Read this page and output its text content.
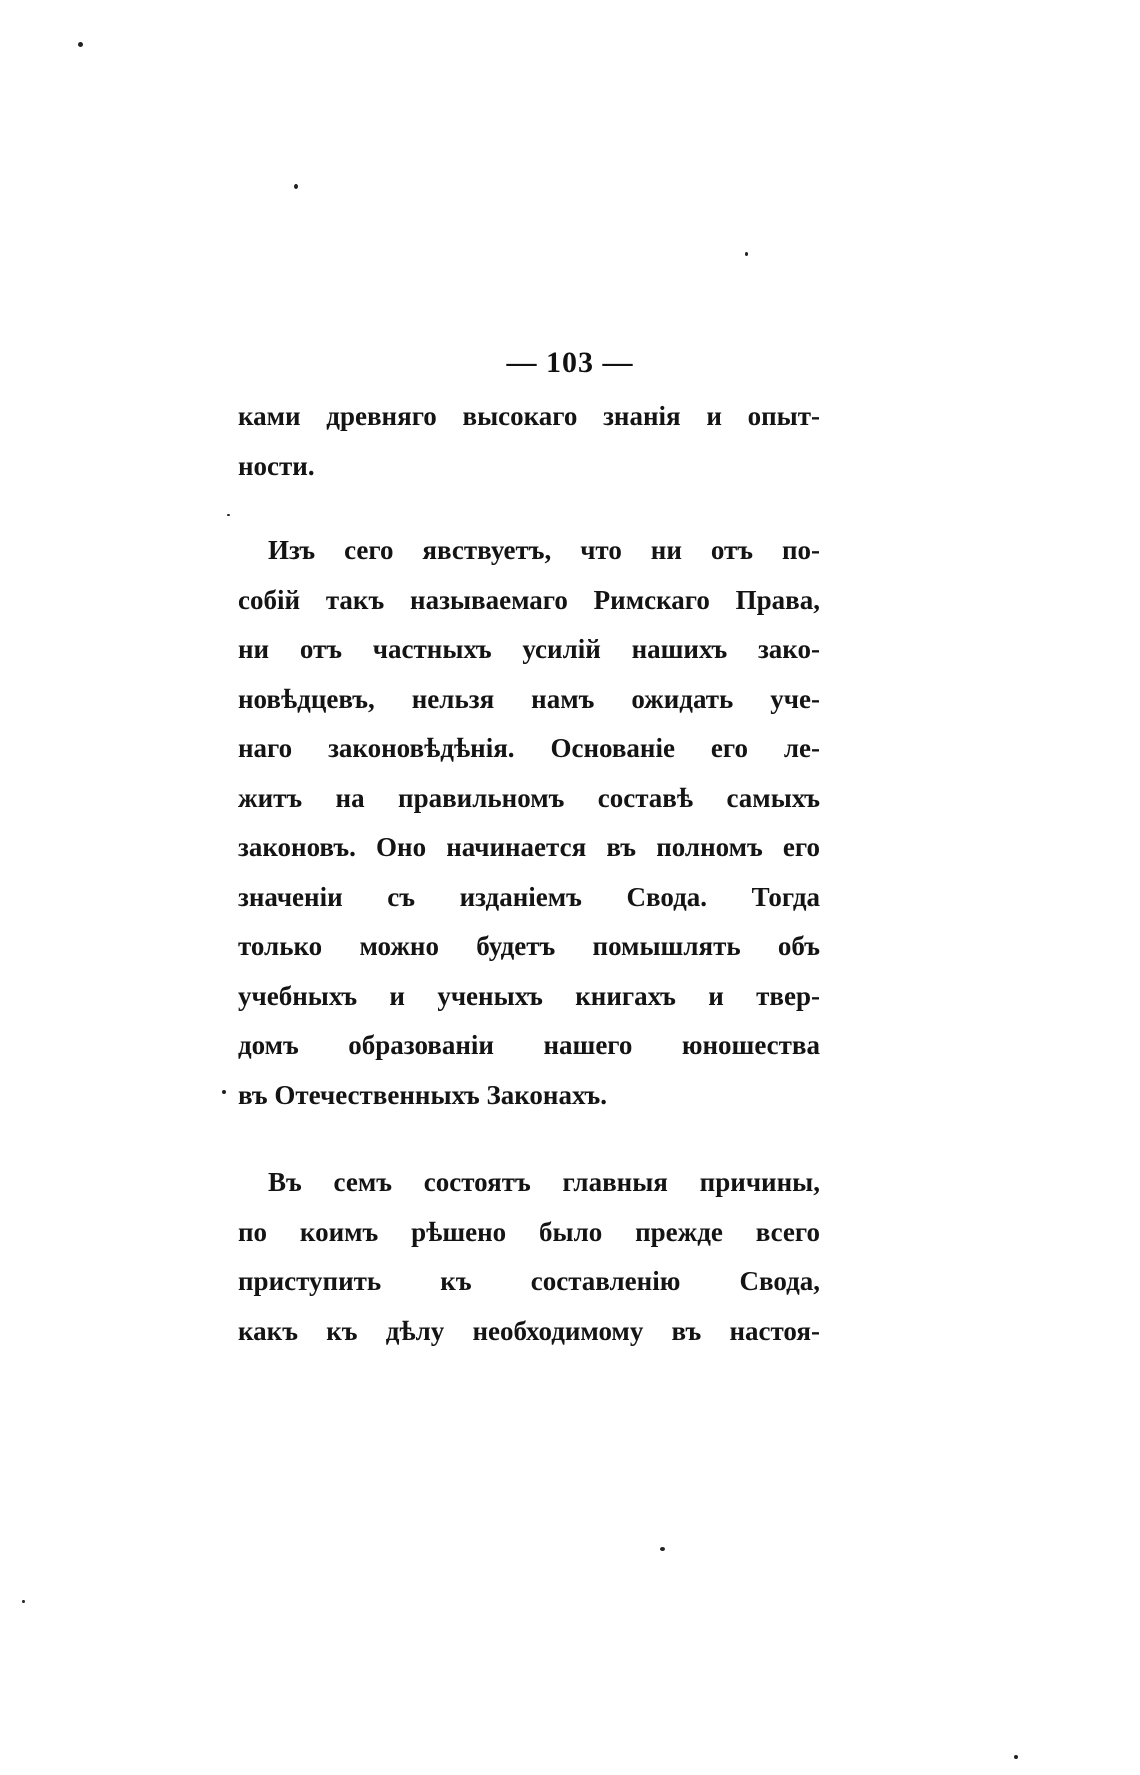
— 103 —
ками древняго высокаго знанія и опыт-
ности.
Изъ сего явствуетъ, что ни отъ по-
собій такъ называемаго Римскаго Права,
ни отъ частныхъ усилій нашихъ зако-
новѣдцевъ, нельзя намъ ожидать уче-
наго законовѣдѣнія. Основаніе его ле-
житъ на правильномъ составѣ самыхъ
законовъ. Оно начинается въ полномъ его
значеніи съ изданіемъ Свода. Тогда
только можно будетъ помышлять объ
учебныхъ и ученыхъ книгахъ и твер-
домъ образованіи нашего юношества
въ Отечественныхъ Законахъ.
Въ семъ состоятъ главныя причины,
по коимъ рѣшено было прежде всего
приступить къ составленію Свода,
какъ къ дѣлу необходимому въ настоя-
